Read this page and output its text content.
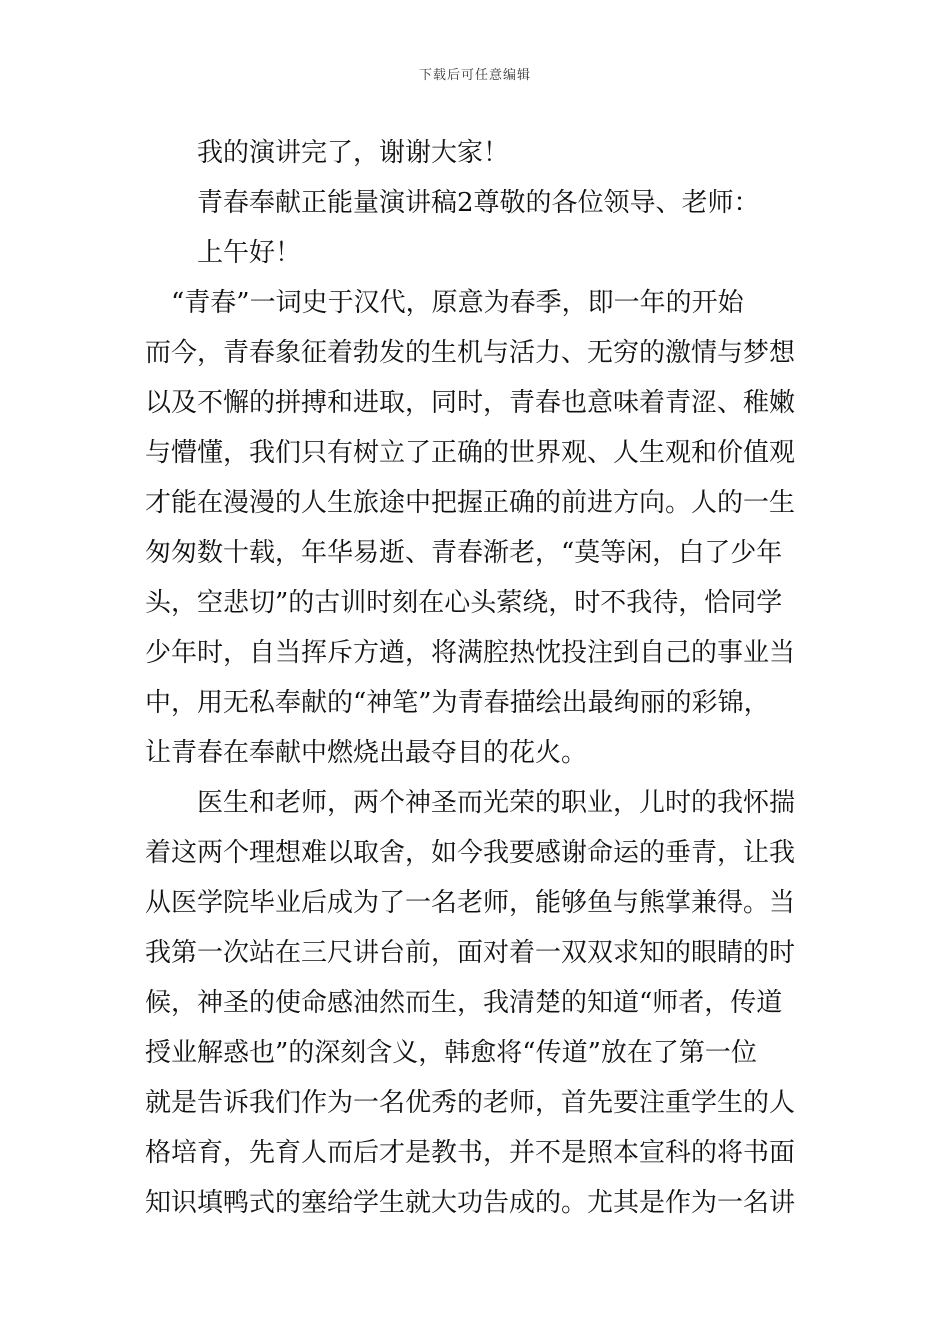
下载后可任意编辑
我的演讲完了，谢谢大家！
青春奉献正能量演讲稿2尊敬的各位领导、老师：
上午好！
“青春”一词史于汉代，原意为春季，即一年的开始
而今，青春象征着勃发的生机与活力、无穷的激情与梦想
以及不懈的拼搏和进取，同时，青春也意味着青涩、稚嫩
与懵懂，我们只有树立了正确的世界观、人生观和价值观
才能在漫漫的人生旅途中把握正确的前进方向。人的一生
匆匆数十载，年华易逝、青春渐老，“莫等闲，白了少年
头，空悲切”的古训时刻在心头萦绕，时不我待，恰同学
少年时，自当挥斥方遒，将满腔热忱投注到自己的事业当
中，用无私奉献的“神笔”为青春描绘出最绚丽的彩锦，
让青春在奉献中燃烧出最夺目的花火。
医生和老师，两个神圣而光荣的职业，儿时的我怀揣
着这两个理想难以取舍，如今我要感谢命运的垂青，让我
从医学院毕业后成为了一名老师，能够鱼与熊掌兼得。当
我第一次站在三尺讲台前，面对着一双双求知的眼睛的时
候，神圣的使命感油然而生，我清楚的知道“师者，传道
授业解惑也”的深刻含义，韩愈将“传道”放在了第一位
就是告诉我们作为一名优秀的老师，首先要注重学生的人
格培育，先育人而后才是教书，并不是照本宣科的将书面
知识填鸭式的塞给学生就大功告成的。尤其是作为一名讲
